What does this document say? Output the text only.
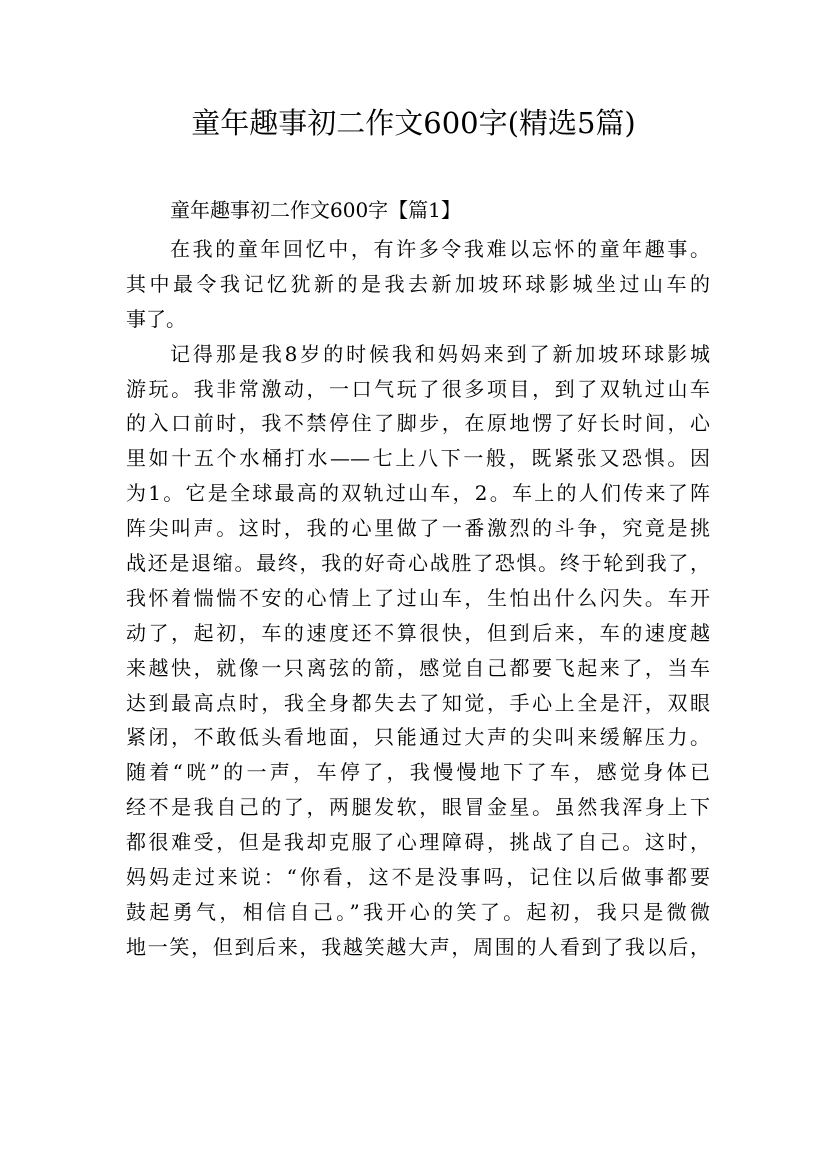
童年趣事初二作文600字(精选5篇)
童年趣事初二作文600字【篇1】
在我的童年回忆中，有许多令我难以忘怀的童年趣事。
其中最令我记忆犹新的是我去新加坡环球影城坐过山车的
事了。
记得那是我8岁的时候我和妈妈来到了新加坡环球影城
游玩。我非常激动，一口气玩了很多项目，到了双轨过山车
的入口前时，我不禁停住了脚步，在原地愣了好长时间，心
里如十五个水桶打水——七上八下一般，既紧张又恐惧。因
为1。它是全球最高的双轨过山车，2。车上的人们传来了阵
阵尖叫声。这时，我的心里做了一番激烈的斗争，究竟是挑
战还是退缩。最终，我的好奇心战胜了恐惧。终于轮到我了，
我怀着惴惴不安的心情上了过山车，生怕出什么闪失。车开
动了，起初，车的速度还不算很快，但到后来，车的速度越
来越快，就像一只离弦的箭，感觉自己都要飞起来了，当车
达到最高点时，我全身都失去了知觉，手心上全是汗，双眼
紧闭，不敢低头看地面，只能通过大声的尖叫来缓解压力。
随着“咣”的一声，车停了，我慢慢地下了车，感觉身体已
经不是我自己的了，两腿发软，眼冒金星。虽然我浑身上下
都很难受，但是我却克服了心理障碍，挑战了自己。这时，
妈妈走过来说：“你看，这不是没事吗，记住以后做事都要
鼓起勇气，相信自己。”我开心的笑了。起初，我只是微微
地一笑，但到后来，我越笑越大声，周围的人看到了我以后，
